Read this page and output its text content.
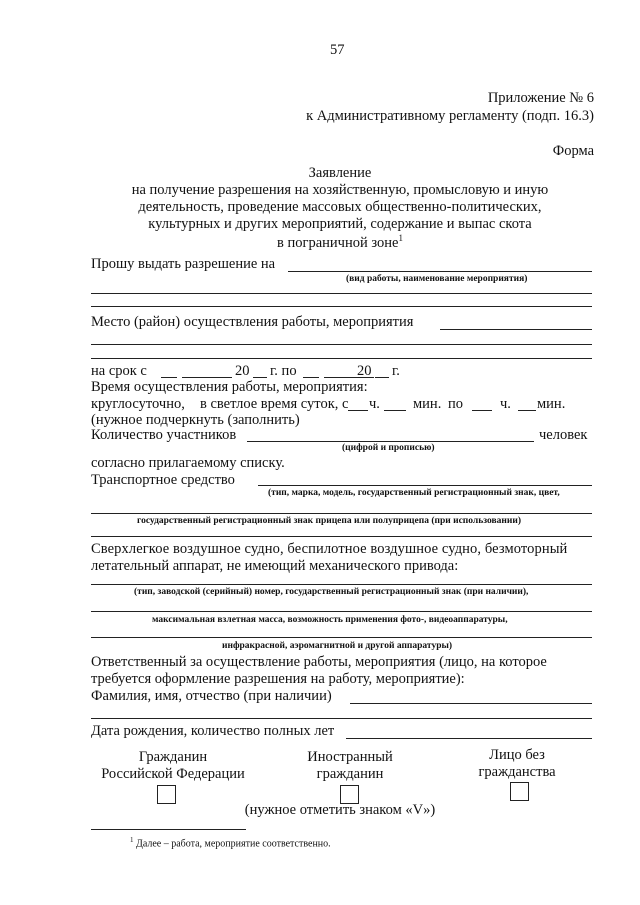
57
Приложение № 6
к Административному регламенту (подп. 16.3)
Форма
Заявление
на получение разрешения на хозяйственную, промысловую и иную
деятельность, проведение массовых общественно-политических,
культурных и других мероприятий, содержание и выпас скота
в пограничной зоне$^1$
Прошу выдать разрешение на
(вид работы, наименование мероприятия)
Место (район) осуществления работы, мероприятия
на срок с	20 г. по	20 г.
Время осуществления работы, мероприятия:
круглосуточно, в светлое время суток, с ч. мин. по	ч. мин.
(нужное подчеркнуть (заполнить)
Количество участников	человек
(цифрой и прописью)
согласно прилагаемому списку.
Транспортное средство
(тип, марка, модель, государственный регистрационный знак, цвет,
государственный регистрационный знак прицепа или полуприцепа (при использовании)
Сверхлегкое воздушное судно, беспилотное воздушное судно, безмоторный
летательный аппарат, не имеющий механического привода:
(тип, заводской (серийный) номер, государственный регистрационный знак (при наличии),
максимальная взлетная масса, возможность применения фото-, видеоаппаратуры,
инфракрасной, аэромагнитной и другой аппаратуры)
Ответственный за осуществление работы, мероприятия (лицо, на которое
требуется оформление разрешения на работу, мероприятие):
Фамилия, имя, отчество (при наличии)
Дата рождения, количество полных лет
Гражданин
Российской Федерации
Иностранный
гражданин
Лицо без
гражданства
(нужное отметить знаком «V»)
$^1$ Далее – работа, мероприятие соответственно.
